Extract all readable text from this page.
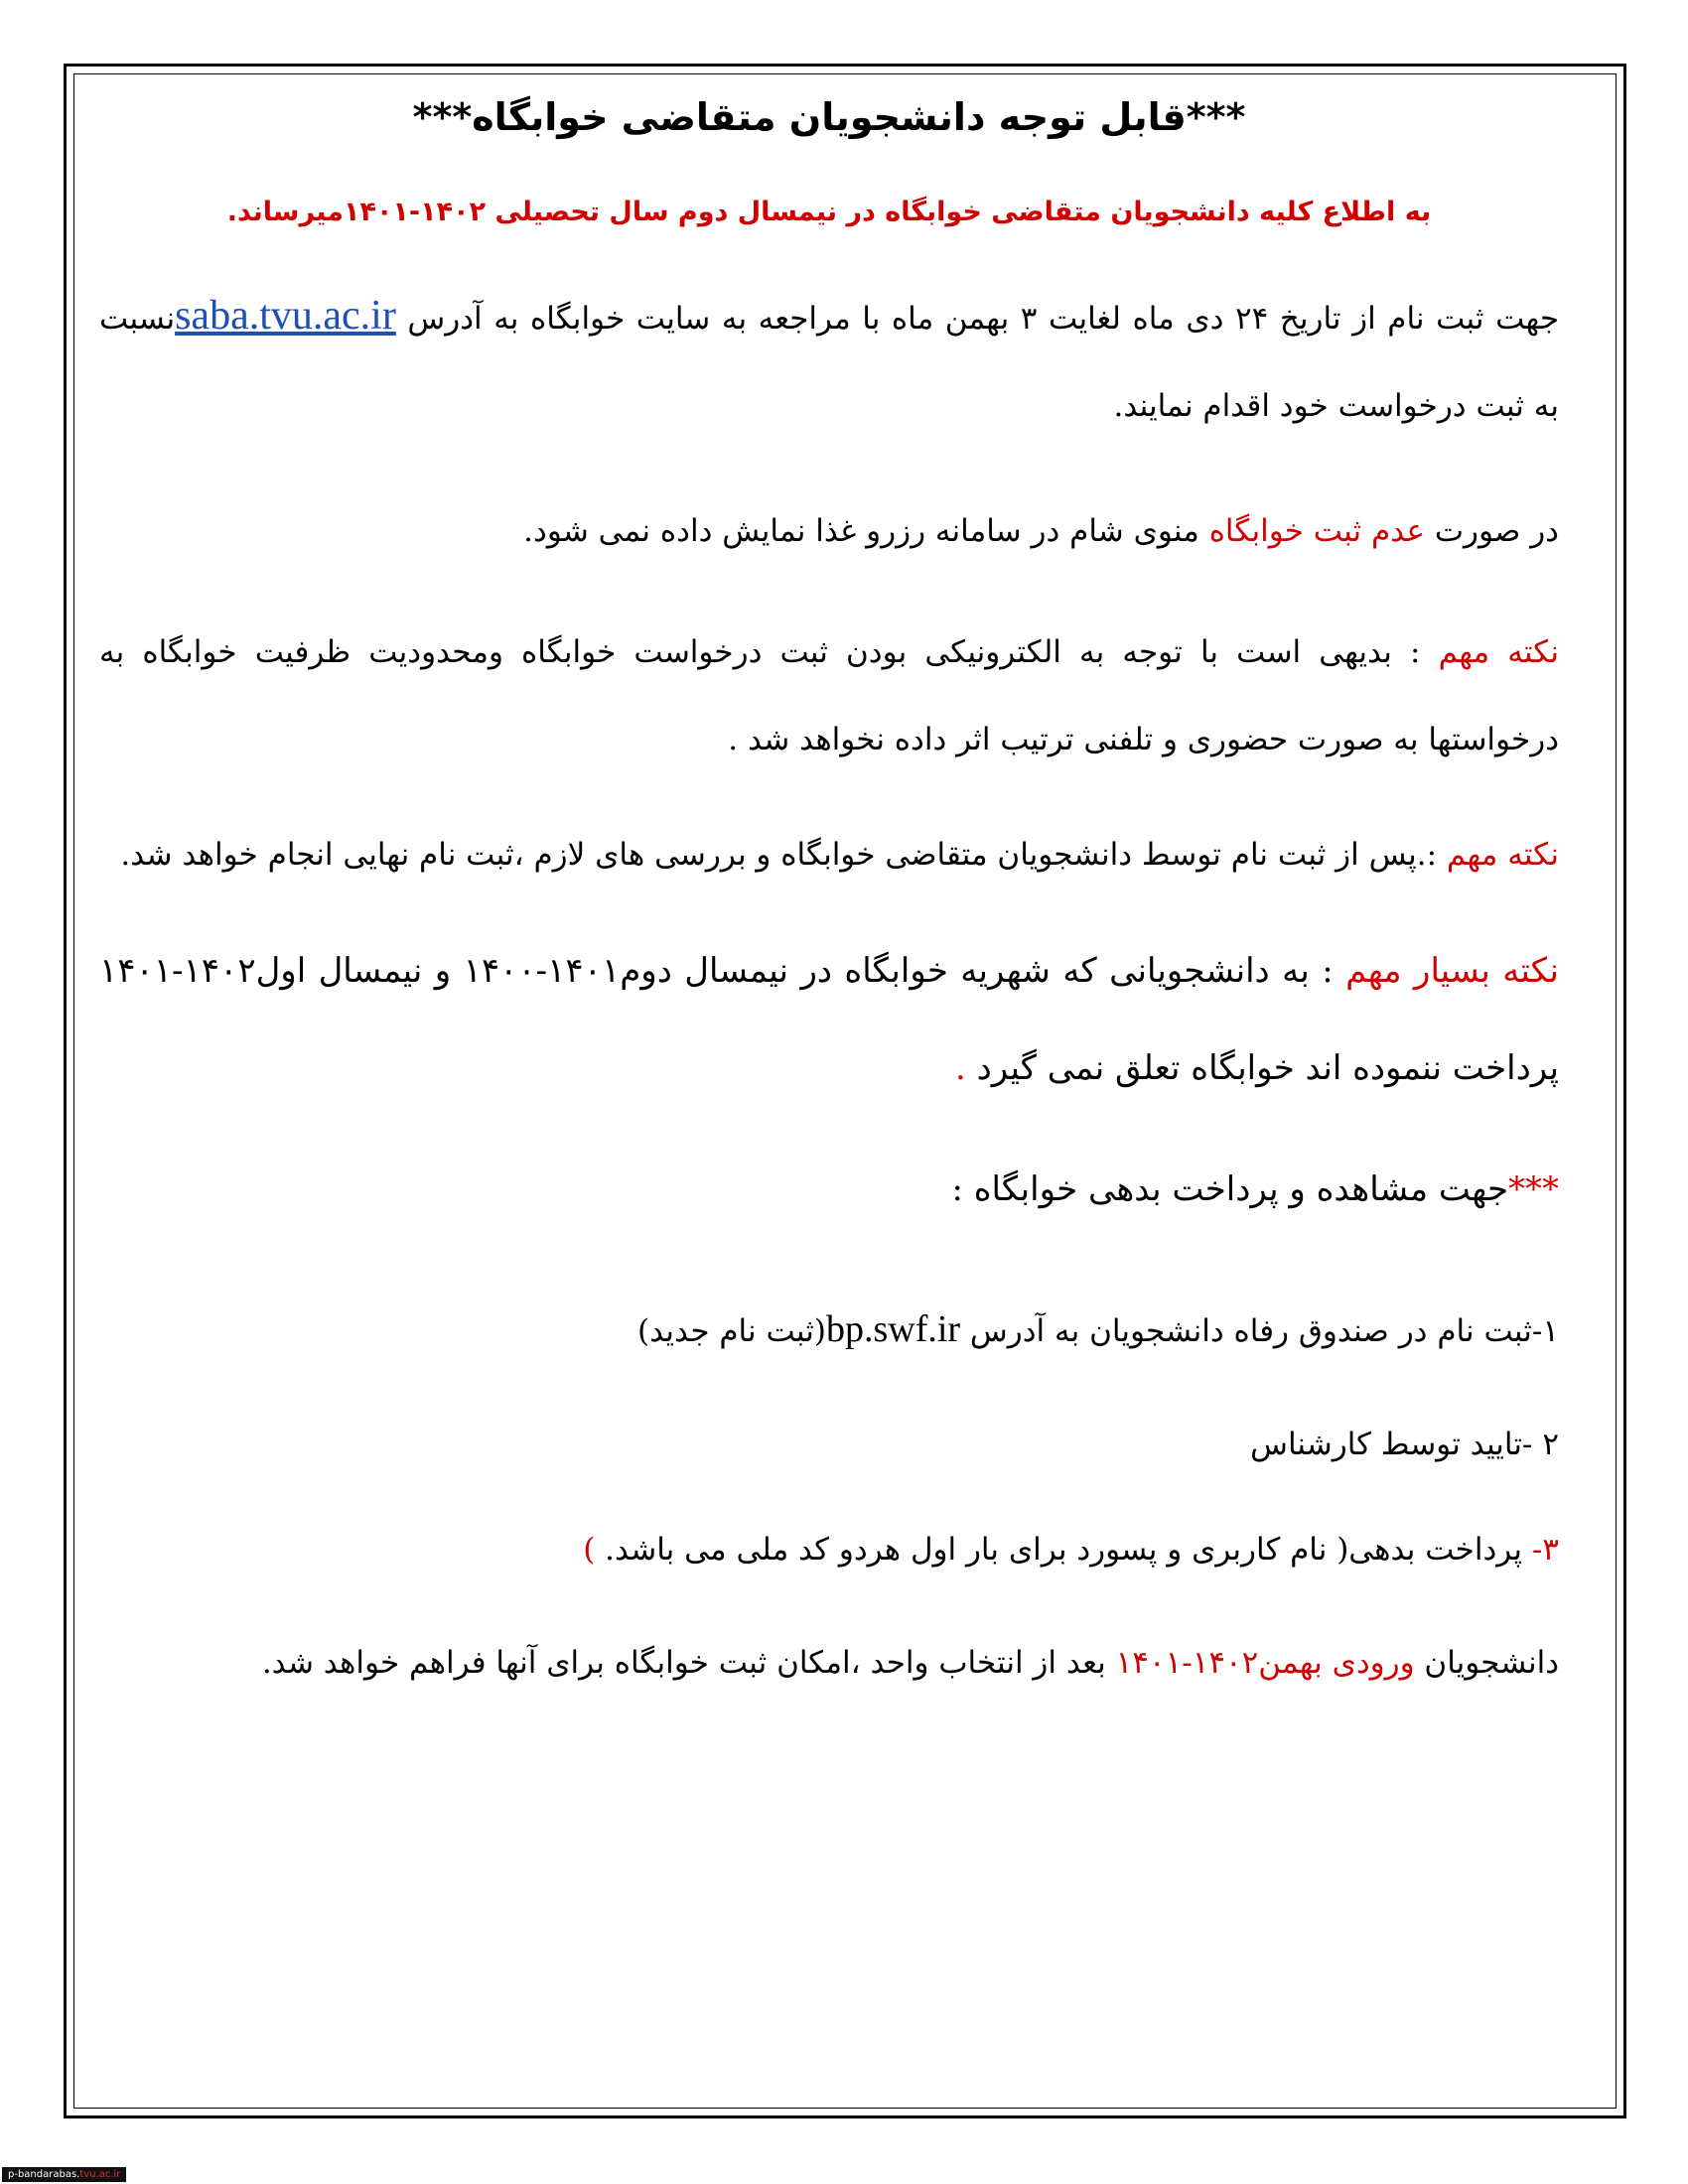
***قابل توجه دانشجویان متقاضی خوابگاه***
به اطلاع کلیه دانشجویان متقاضی خوابگاه در نیمسال دوم سال تحصیلی ۱۴۰۲-۱۴۰۱میرساند.
جهت ثبت نام از تاریخ ۲۴ دی ماه لغایت ۳ بهمن ماه با مراجعه به سایت خوابگاه به آدرس saba.tvu.ac.irنسبت به ثبت درخواست خود اقدام نمایند.
در صورت عدم ثبت خوابگاه منوی شام در سامانه رزرو غذا نمایش داده نمی شود.
نکته مهم : بدیهی است با توجه به الکترونیکی بودن ثبت درخواست خوابگاه ومحدودیت ظرفیت خوابگاه به درخواستها به صورت حضوری و تلفنی ترتیب اثر داده نخواهد شد .
نکته مهم :.پس از ثبت نام توسط دانشجویان متقاضی خوابگاه و بررسی های لازم ،ثبت نام نهایی انجام خواهد شد.
نکته بسیار مهم : به دانشجویانی که شهریه خوابگاه در نیمسال دوم۱۴۰۱-۱۴۰۰ و نیمسال اول۱۴۰۲-۱۴۰۱ پرداخت ننموده اند خوابگاه تعلق نمی گیرد .
***جهت مشاهده و پرداخت بدهی خوابگاه :
۱-ثبت نام در صندوق رفاه دانشجویان به آدرس bp.swf.ir(ثبت نام جدید)
۲ -تایید توسط کارشناس
۳- پرداخت بدهی( نام کاربری و پسورد برای بار اول هردو کد ملی می باشد. )
دانشجویان ورودی بهمن۱۴۰۲-۱۴۰۱ بعد از انتخاب واحد ،امکان ثبت خوابگاه برای آنها فراهم خواهد شد.
p-bandarabas.tvu.ac.ir
